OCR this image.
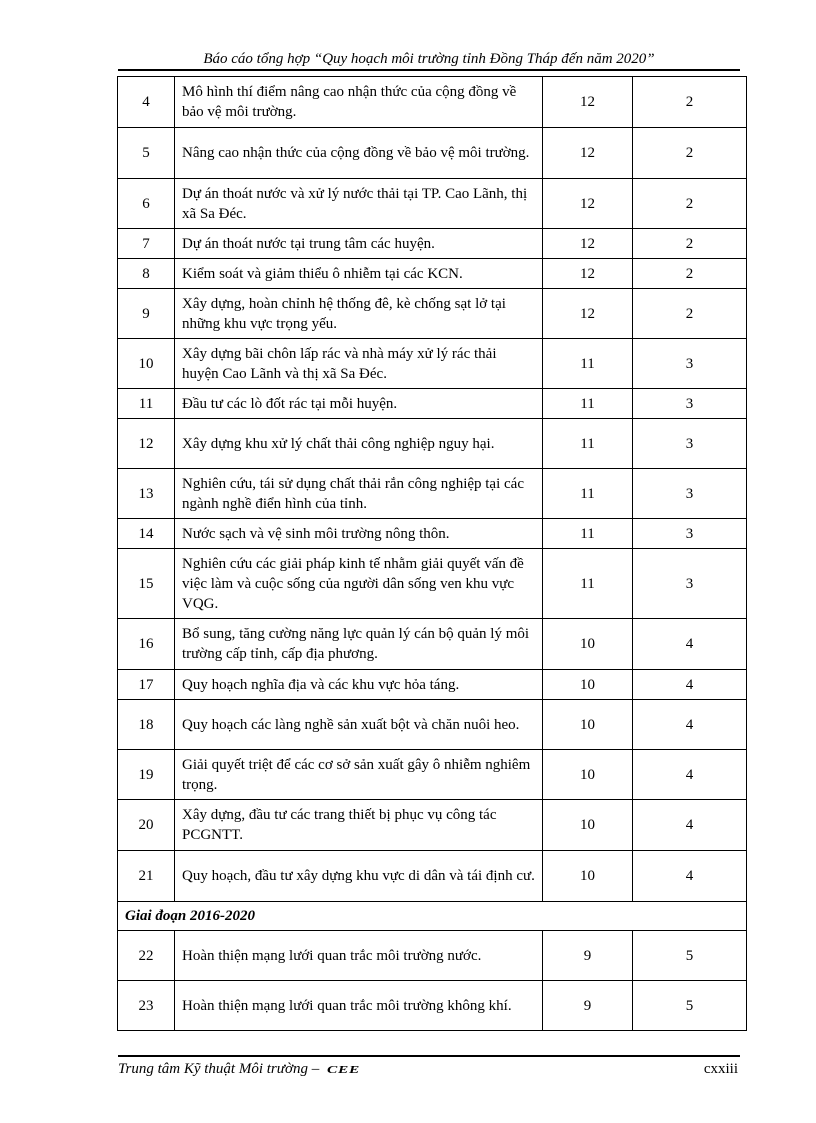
Báo cáo tổng hợp “Quy hoạch môi trường tỉnh Đồng Tháp đến năm 2020”
4	Mô hình thí điểm nâng cao nhận thức của cộng đồng về bảo vệ môi trường.	12	2
5	Nâng cao nhận thức của cộng đồng về bảo vệ môi trường.	12	2
6	Dự án thoát nước và xử lý nước thải tại TP. Cao Lãnh, thị xã Sa Đéc.	12	2
7	Dự án thoát nước tại trung tâm các huyện.	12	2
8	Kiểm soát và giảm thiểu ô nhiễm tại các KCN.	12	2
9	Xây dựng, hoàn chỉnh hệ thống đê, kè chống sạt lở tại những khu vực trọng yếu.	12	2
10	Xây dựng bãi chôn lấp rác và nhà máy xử lý rác thải huyện Cao Lãnh và thị xã Sa Đéc.	11	3
11	Đầu tư các lò đốt rác tại mỗi huyện.	11	3
12	Xây dựng khu xử lý chất thải công nghiệp nguy hại.	11	3
13	Nghiên cứu, tái sử dụng chất thải rắn công nghiệp tại các ngành nghề điển hình của tỉnh.	11	3
14	Nước sạch và vệ sinh môi trường nông thôn.	11	3
15	Nghiên cứu các giải pháp kinh tế nhằm giải quyết vấn đề việc làm và cuộc sống của người dân sống ven khu vực VQG.	11	3
16	Bổ sung, tăng cường năng lực quản lý cán bộ quản lý môi trường cấp tỉnh, cấp địa phương.	10	4
17	Quy hoạch nghĩa địa và các khu vực hỏa táng.	10	4
18	Quy hoạch các làng nghề sản xuất bột và chăn nuôi heo.	10	4
19	Giải quyết triệt để các cơ sở sản xuất gây ô nhiễm nghiêm trọng.	10	4
20	Xây dựng, đầu tư các trang thiết bị phục vụ công tác PCGNTT.	10	4
21	Quy hoạch, đầu tư xây dựng khu vực di dân và tái định cư.	10	4
Giai đoạn 2016-2020			
22	Hoàn thiện mạng lưới quan trắc môi trường nước.	9	5
23	Hoàn thiện mạng lưới quan trắc môi trường không khí.	9	5
Trung tâm Kỹ thuật Môi trường – CEE	cxxiii
